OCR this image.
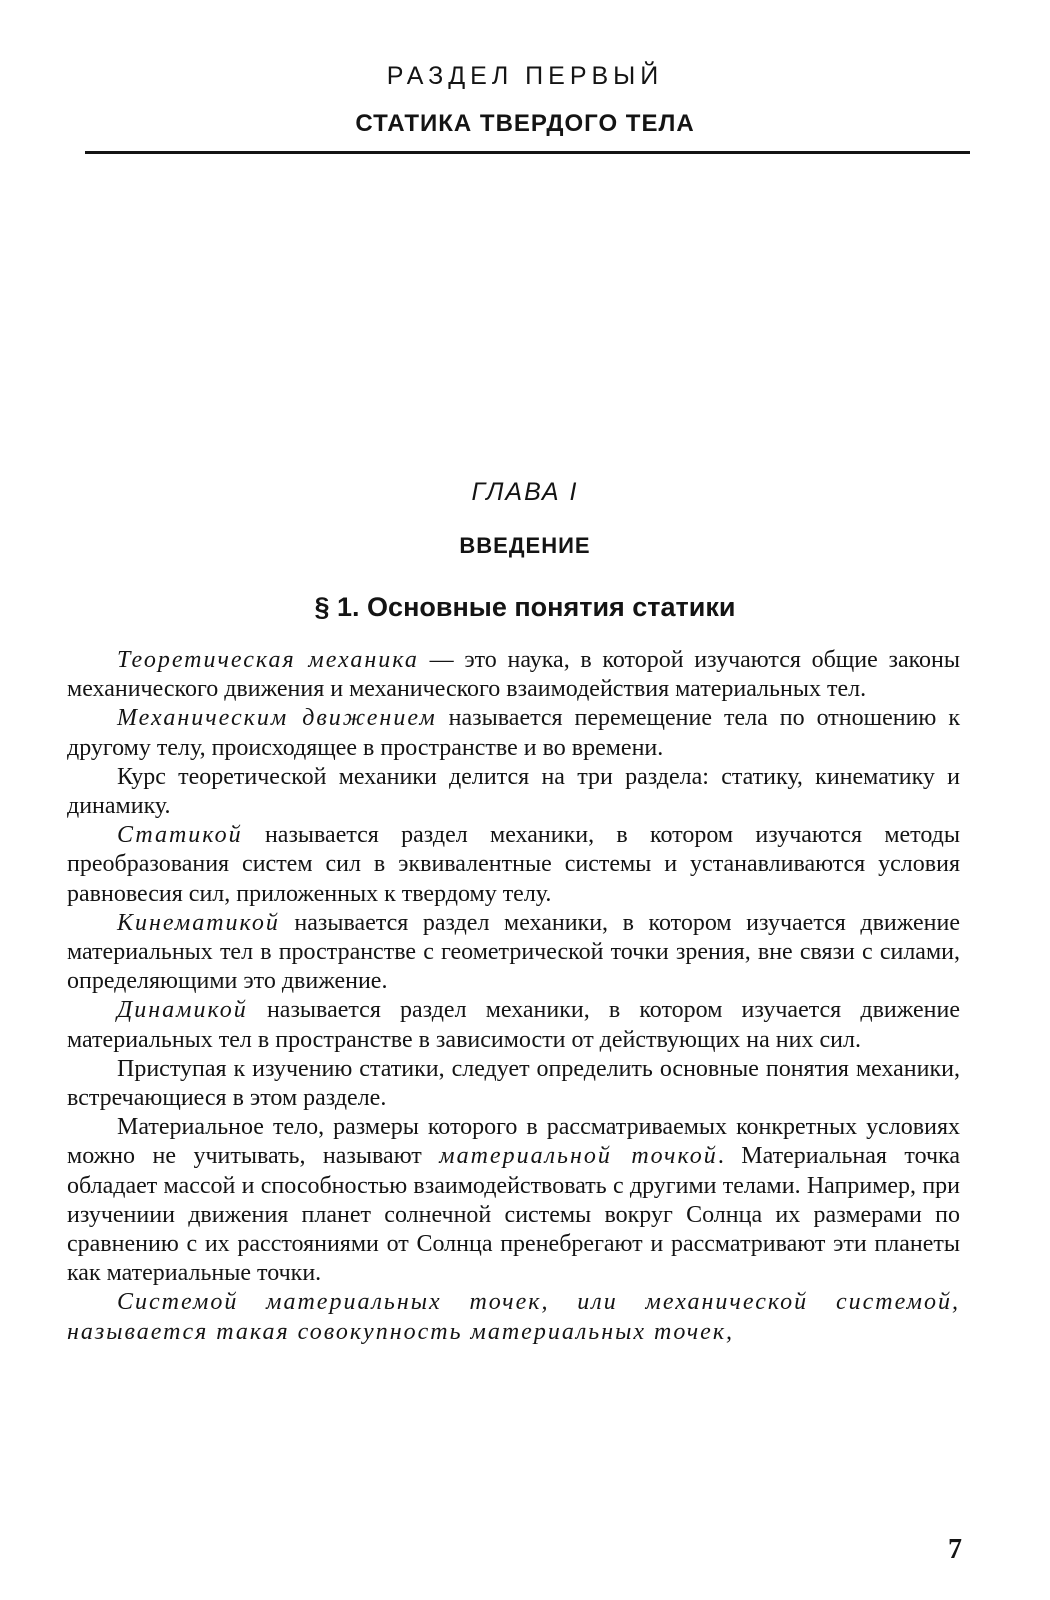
РАЗДЕЛ ПЕРВЫЙ
СТАТИКА ТВЕРДОГО ТЕЛА
ГЛАВА I
ВВЕДЕНИЕ
§ 1. Основные понятия статики

Теоретическая механика — это наука, в которой изучаются общие законы механического движения и механического взаимодействия материальных тел.

Механическим движением называется перемещение тела по отношению к другому телу, происходящее в пространстве и во времени.

Курс теоретической механики делится на три раздела: статику, кинематику и динамику.

Статикой называется раздел механики, в котором изучаются методы преобразования систем сил в эквивалентные системы и устанавливаются условия равновесия сил, приложенных к твердому телу.

Кинематикой называется раздел механики, в котором изучается движение материальных тел в пространстве с геометрической точки зрения, вне связи с силами, определяющими это движение.

Динамикой называется раздел механики, в котором изучается движение материальных тел в пространстве в зависимости от действующих на них сил.

Приступая к изучению статики, следует определить основные понятия механики, встречающиеся в этом разделе.

Материальное тело, размеры которого в рассматриваемых конкретных условиях можно не учитывать, называют материальной точкой. Материальная точка обладает массой и способностью взаимодействовать с другими телами. Например, при изучениии движения планет солнечной системы вокруг Солнца их размерами по сравнению с их расстояниями от Солнца пренебрегают и рассматривают эти планеты как материальные точки.

Системой материальных точек, или механической системой, называется такая совокупность материальных точек,

7
